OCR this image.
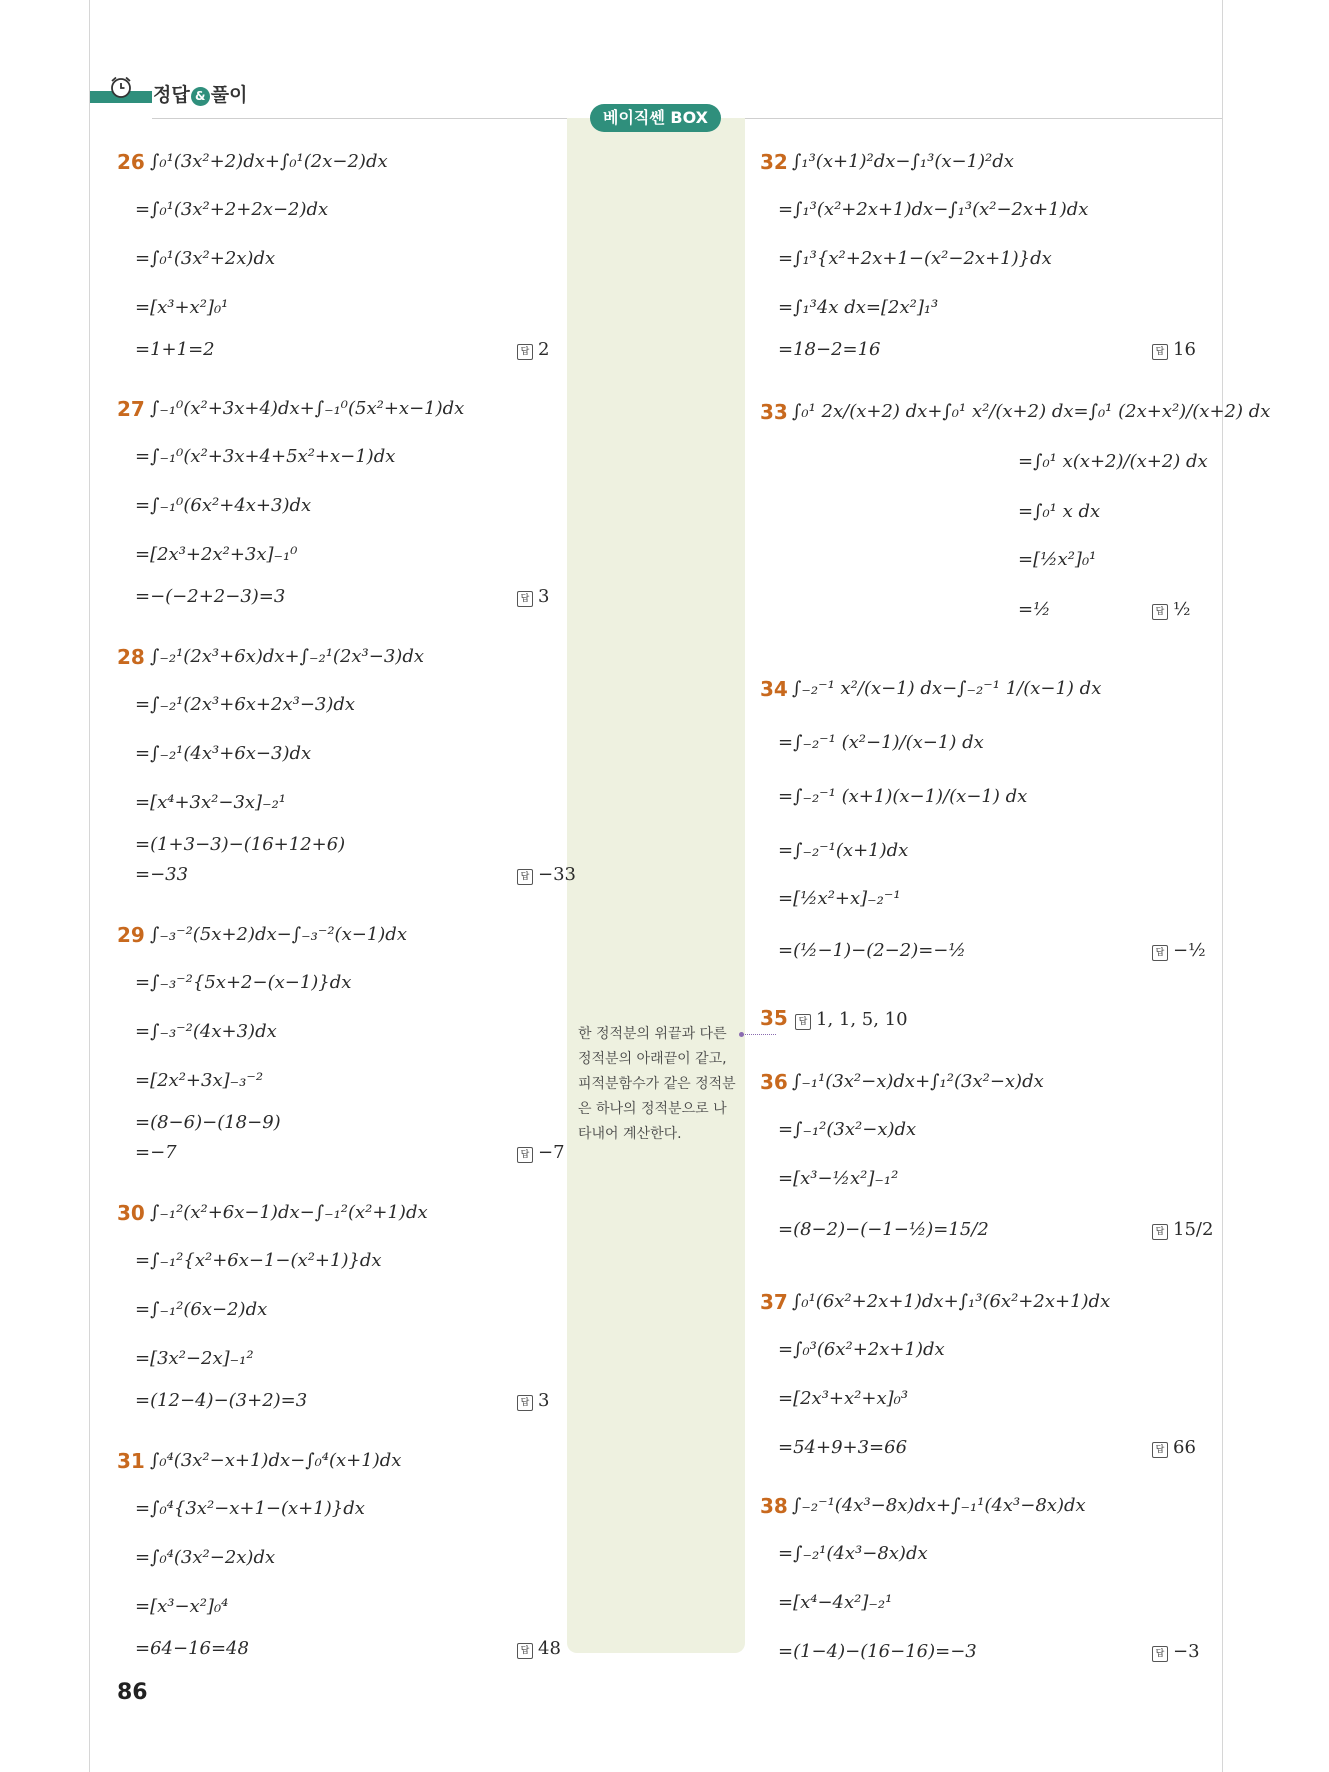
정답 & 풀이
베이직쎈 BOX
한 정적분의 위끝과 다른 정적분의 아래끝이 같고, 피적분함수가 같은 정적분은 하나의 정적분으로 나타내어 계산한다.
26 ∫₀¹(3x²+2)dx+∫₀¹(2x−2)dx
=∫₀¹(3x²+2+2x−2)dx
=∫₀¹(3x²+2x)dx
=[x³+x²]₀¹
=1+1=2	답 2
27 ∫₋₁⁰(x²+3x+4)dx+∫₋₁⁰(5x²+x−1)dx
=∫₋₁⁰(x²+3x+4+5x²+x−1)dx
=∫₋₁⁰(6x²+4x+3)dx
=[2x³+2x²+3x]₋₁⁰
=−(−2+2−3)=3	답 3
28 ∫₋₂¹(2x³+6x)dx+∫₋₂¹(2x³−3)dx
=∫₋₂¹(2x³+6x+2x³−3)dx
=∫₋₂¹(4x³+6x−3)dx
=[x⁴+3x²−3x]₋₂¹
=(1+3−3)−(16+12+6)
=−33	답 −33
29 ∫₋₃⁻²(5x+2)dx−∫₋₃⁻²(x−1)dx
=∫₋₃⁻²{5x+2−(x−1)}dx
=∫₋₃⁻²(4x+3)dx
=[2x²+3x]₋₃⁻²
=(8−6)−(18−9)
=−7	답 −7
30 ∫₋₁²(x²+6x−1)dx−∫₋₁²(x²+1)dx
=∫₋₁²{x²+6x−1−(x²+1)}dx
=∫₋₁²(6x−2)dx
=[3x²−2x]₋₁²
=(12−4)−(3+2)=3	답 3
31 ∫₀⁴(3x²−x+1)dx−∫₀⁴(x+1)dx
=∫₀⁴{3x²−x+1−(x+1)}dx
=∫₀⁴(3x²−2x)dx
=[x³−x²]₀⁴
=64−16=48	답 48
32 ∫₁³(x+1)²dx−∫₁³(x−1)²dx
=∫₁³(x²+2x+1)dx−∫₁³(x²−2x+1)dx
=∫₁³{x²+2x+1−(x²−2x+1)}dx
=∫₁³4x dx=[2x²]₁³
=18−2=16	답 16
33 ∫₀¹ 2x/(x+2) dx+∫₀¹ x²/(x+2) dx=∫₀¹ (2x+x²)/(x+2) dx
=∫₀¹ x(x+2)/(x+2) dx
=∫₀¹ x dx
=[½x²]₀¹
=½	답 ½
34 ∫₋₂⁻¹ x²/(x−1) dx−∫₋₂⁻¹ 1/(x−1) dx
=∫₋₂⁻¹ (x²−1)/(x−1) dx
=∫₋₂⁻¹ (x+1)(x−1)/(x−1) dx
=∫₋₂⁻¹(x+1)dx
=[½x²+x]₋₂⁻¹
=(½−1)−(2−2)=−½	답 −½
35	답 1, 1, 5, 10
36 ∫₋₁¹(3x²−x)dx+∫₁²(3x²−x)dx
=∫₋₁²(3x²−x)dx
=[x³−½x²]₋₁²
=(8−2)−(−1−½)=15/2	답 15/2
37 ∫₀¹(6x²+2x+1)dx+∫₁³(6x²+2x+1)dx
=∫₀³(6x²+2x+1)dx
=[2x³+x²+x]₀³
=54+9+3=66	답 66
38 ∫₋₂⁻¹(4x³−8x)dx+∫₋₁¹(4x³−8x)dx
=∫₋₂¹(4x³−8x)dx
=[x⁴−4x²]₋₂¹
=(1−4)−(16−16)=−3	답 −3
86
